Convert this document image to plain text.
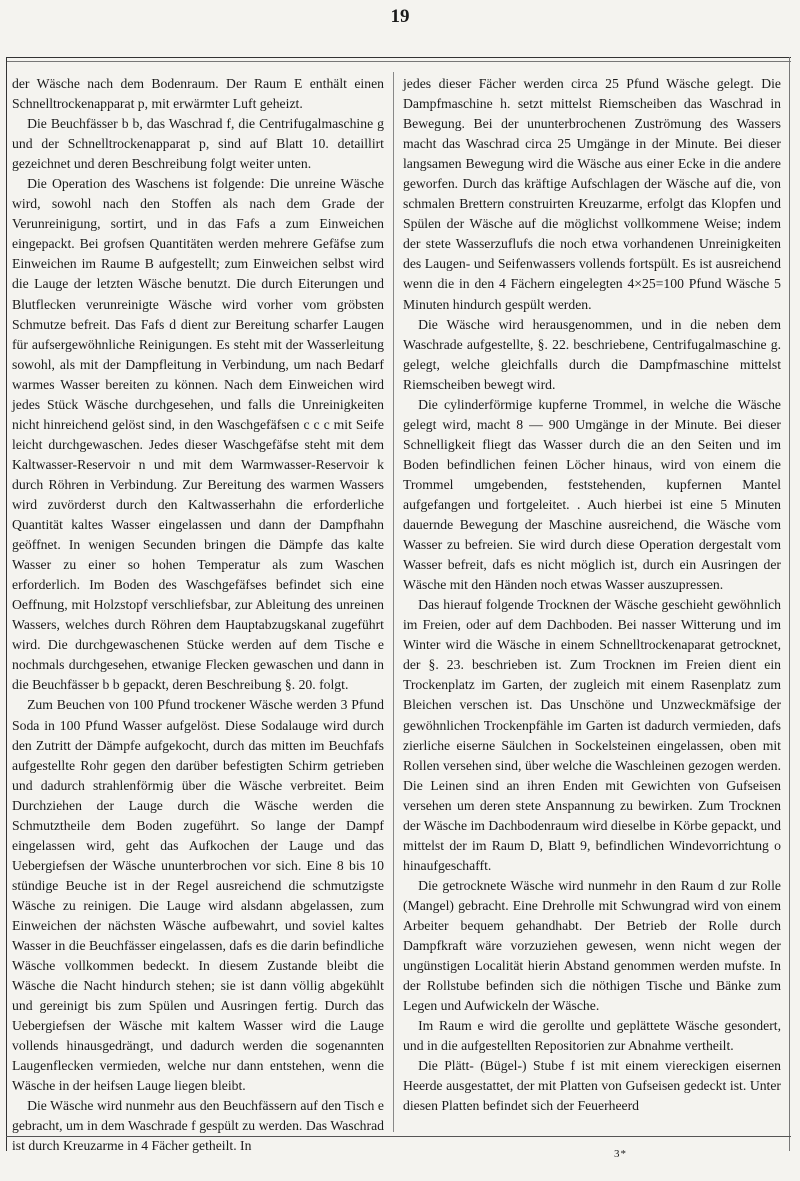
19

der Wäsche nach dem Bodenraum. Der Raum E enthält einen Schnelltrockenapparat p, mit erwärmter Luft geheizt.

Die Beuchfässer b b, das Waschrad f, die Centrifugalmaschine g und der Schnelltrockenapparat p, sind auf Blatt 10. detaillirt gezeichnet und deren Beschreibung folgt weiter unten.

Die Operation des Waschens ist folgende: Die unreine Wäsche wird, sowohl nach den Stoffen als nach dem Grade der Verunreinigung, sortirt, und in das Fafs a zum Einweichen eingepackt. Bei grofsen Quantitäten werden mehrere Gefäfse zum Einweichen im Raume B aufgestellt; zum Einweichen selbst wird die Lauge der letzten Wäsche benutzt. Die durch Eiterungen und Blutflecken verunreinigte Wäsche wird vorher vom gröbsten Schmutze befreit. Das Fafs d dient zur Bereitung scharfer Laugen für aufsergewöhnliche Reinigungen. Es steht mit der Wasserleitung sowohl, als mit der Dampfleitung in Verbindung, um nach Bedarf warmes Wasser bereiten zu können. Nach dem Einweichen wird jedes Stück Wäsche durchgesehen, und falls die Unreinigkeiten nicht hinreichend gelöst sind, in den Waschgefäfsen c c c mit Seife leicht durchgewaschen. Jedes dieser Waschgefäfse steht mit dem Kaltwasser-Reservoir n und mit dem Warmwasser-Reservoir k durch Röhren in Verbindung. Zur Bereitung des warmen Wassers wird zuvörderst durch den Kaltwasserhahn die erforderliche Quantität kaltes Wasser eingelassen und dann der Dampfhahn geöffnet. In wenigen Secunden bringen die Dämpfe das kalte Wasser zu einer so hohen Temperatur als zum Waschen erforderlich. Im Boden des Waschgefäfses befindet sich eine Oeffnung, mit Holzstopf verschliefsbar, zur Ableitung des unreinen Wassers, welches durch Röhren dem Hauptabzugskanal zugeführt wird. Die durchgewaschenen Stücke werden auf dem Tische e nochmals durchgesehen, etwanige Flecken gewaschen und dann in die Beuchfässer b b gepackt, deren Beschreibung §. 20. folgt.

Zum Beuchen von 100 Pfund trockener Wäsche werden 3 Pfund Soda in 100 Pfund Wasser aufgelöst. Diese Sodalauge wird durch den Zutritt der Dämpfe aufgekocht, durch das mitten im Beuchfafs aufgestellte Rohr gegen den darüber befestigten Schirm getrieben und dadurch strahlenförmig über die Wäsche verbreitet. Beim Durchziehen der Lauge durch die Wäsche werden die Schmutztheile dem Boden zugeführt. So lange der Dampf eingelassen wird, geht das Aufkochen der Lauge und das Uebergiefsen der Wäsche ununterbrochen vor sich. Eine 8 bis 10 stündige Beuche ist in der Regel ausreichend die schmutzigste Wäsche zu reinigen. Die Lauge wird alsdann abgelassen, zum Einweichen der nächsten Wäsche aufbewahrt, und soviel kaltes Wasser in die Beuchfässer eingelassen, dafs es die darin befindliche Wäsche vollkommen bedeckt. In diesem Zustande bleibt die Wäsche die Nacht hindurch stehen; sie ist dann völlig abgekühlt und gereinigt bis zum Spülen und Ausringen fertig. Durch das Uebergiefsen der Wäsche mit kaltem Wasser wird die Lauge vollends hinausgedrängt, und dadurch werden die sogenannten Laugenflecken vermieden, welche nur dann entstehen, wenn die Wäsche in der heifsen Lauge liegen bleibt.

Die Wäsche wird nunmehr aus den Beuchfässern auf den Tisch e gebracht, um in dem Waschrade f gespült zu werden. Das Waschrad ist durch Kreuzarme in 4 Fächer getheilt. In

jedes dieser Fächer werden circa 25 Pfund Wäsche gelegt. Die Dampfmaschine h. setzt mittelst Riemscheiben das Waschrad in Bewegung. Bei der ununterbrochenen Zuströmung des Wassers macht das Waschrad circa 25 Umgänge in der Minute. Bei dieser langsamen Bewegung wird die Wäsche aus einer Ecke in die andere geworfen. Durch das kräftige Aufschlagen der Wäsche auf die, von schmalen Brettern construirten Kreuzarme, erfolgt das Klopfen und Spülen der Wäsche auf die möglichst vollkommene Weise; indem der stete Wasserzuflufs die noch etwa vorhandenen Unreinigkeiten des Laugen- und Seifenwassers vollends fortspült. Es ist ausreichend wenn die in den 4 Fächern eingelegten 4×25=100 Pfund Wäsche 5 Minuten hindurch gespült werden.

Die Wäsche wird herausgenommen, und in die neben dem Waschrade aufgestellte, §. 22. beschriebene, Centrifugalmaschine g. gelegt, welche gleichfalls durch die Dampfmaschine mittelst Riemscheiben bewegt wird.

Die cylinderförmige kupferne Trommel, in welche die Wäsche gelegt wird, macht 8 — 900 Umgänge in der Minute. Bei dieser Schnelligkeit fliegt das Wasser durch die an den Seiten und im Boden befindlichen feinen Löcher hinaus, wird von einem die Trommel umgebenden, feststehenden, kupfernen Mantel aufgefangen und fortgeleitet. . Auch hierbei ist eine 5 Minuten dauernde Bewegung der Maschine ausreichend, die Wäsche vom Wasser zu befreien. Sie wird durch diese Operation dergestalt vom Wasser befreit, dafs es nicht möglich ist, durch ein Ausringen der Wäsche mit den Händen noch etwas Wasser auszupressen.

Das hierauf folgende Trocknen der Wäsche geschieht gewöhnlich im Freien, oder auf dem Dachboden. Bei nasser Witterung und im Winter wird die Wäsche in einem Schnelltrockenaparat getrocknet, der §. 23. beschrieben ist. Zum Trocknen im Freien dient ein Trockenplatz im Garten, der zugleich mit einem Rasenplatz zum Bleichen verschen ist. Das Unschöne und Unzweckmäfsige der gewöhnlichen Trockenpfähle im Garten ist dadurch vermieden, dafs zierliche eiserne Säulchen in Sockelsteinen eingelassen, oben mit Rollen versehen sind, über welche die Waschleinen gezogen werden. Die Leinen sind an ihren Enden mit Gewichten von Gufseisen versehen um deren stete Anspannung zu bewirken. Zum Trocknen der Wäsche im Dachbodenraum wird dieselbe in Körbe gepackt, und mittelst der im Raum D, Blatt 9, befindlichen Windevorrichtung o hinaufgeschafft.

Die getrocknete Wäsche wird nunmehr in den Raum d zur Rolle (Mangel) gebracht. Eine Drehrolle mit Schwungrad wird von einem Arbeiter bequem gehandhabt. Der Betrieb der Rolle durch Dampfkraft wäre vorzuziehen gewesen, wenn nicht wegen der ungünstigen Localität hierin Abstand genommen werden mufste. In der Rollstube befinden sich die nöthigen Tische und Bänke zum Legen und Aufwickeln der Wäsche.

Im Raum e wird die gerollte und geplättete Wäsche gesondert, und in die aufgestellten Repositorien zur Abnahme vertheilt.

Die Plätt- (Bügel-) Stube f ist mit einem viereckigen eisernen Heerde ausgestattet, der mit Platten von Gufseisen gedeckt ist. Unter diesen Platten befindet sich der Feuerheerd

3*
